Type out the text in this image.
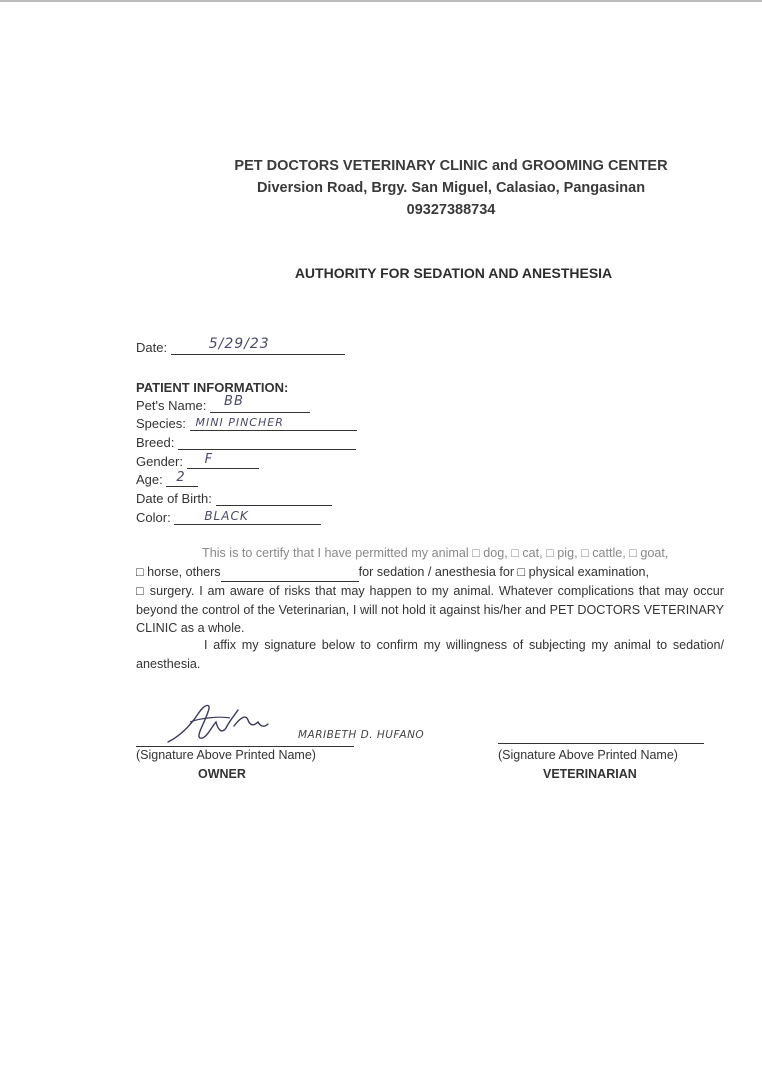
PET DOCTORS VETERINARY CLINIC and GROOMING CENTER
Diversion Road, Brgy. San Miguel, Calasiao, Pangasinan
09327388734
AUTHORITY FOR SEDATION AND ANESTHESIA
Date:	5/29/23
PATIENT INFORMATION:
Pet's Name: BB
Species: MINI PINCHER
Breed:
Gender: F
Age: 2
Date of Birth:
Color:	BLACK
This is to certify that I have permitted my animal □ dog, □ cat, □ pig, □ cattle, □ goat,
□ horse, others	for sedation / anesthesia for □ physical examination,
□ surgery. I am aware of risks that may happen to my animal. Whatever complications that may occur beyond the control of the Veterinarian, I will not hold it against his/her and PET DOCTORS VETERINARY CLINIC as a whole.
I affix my signature below to confirm my willingness of subjecting my animal to sedation/ anesthesia.
MARIBETH D. HUFANO
(Signature Above Printed Name)
OWNER
(Signature Above Printed Name)
VETERINARIAN
